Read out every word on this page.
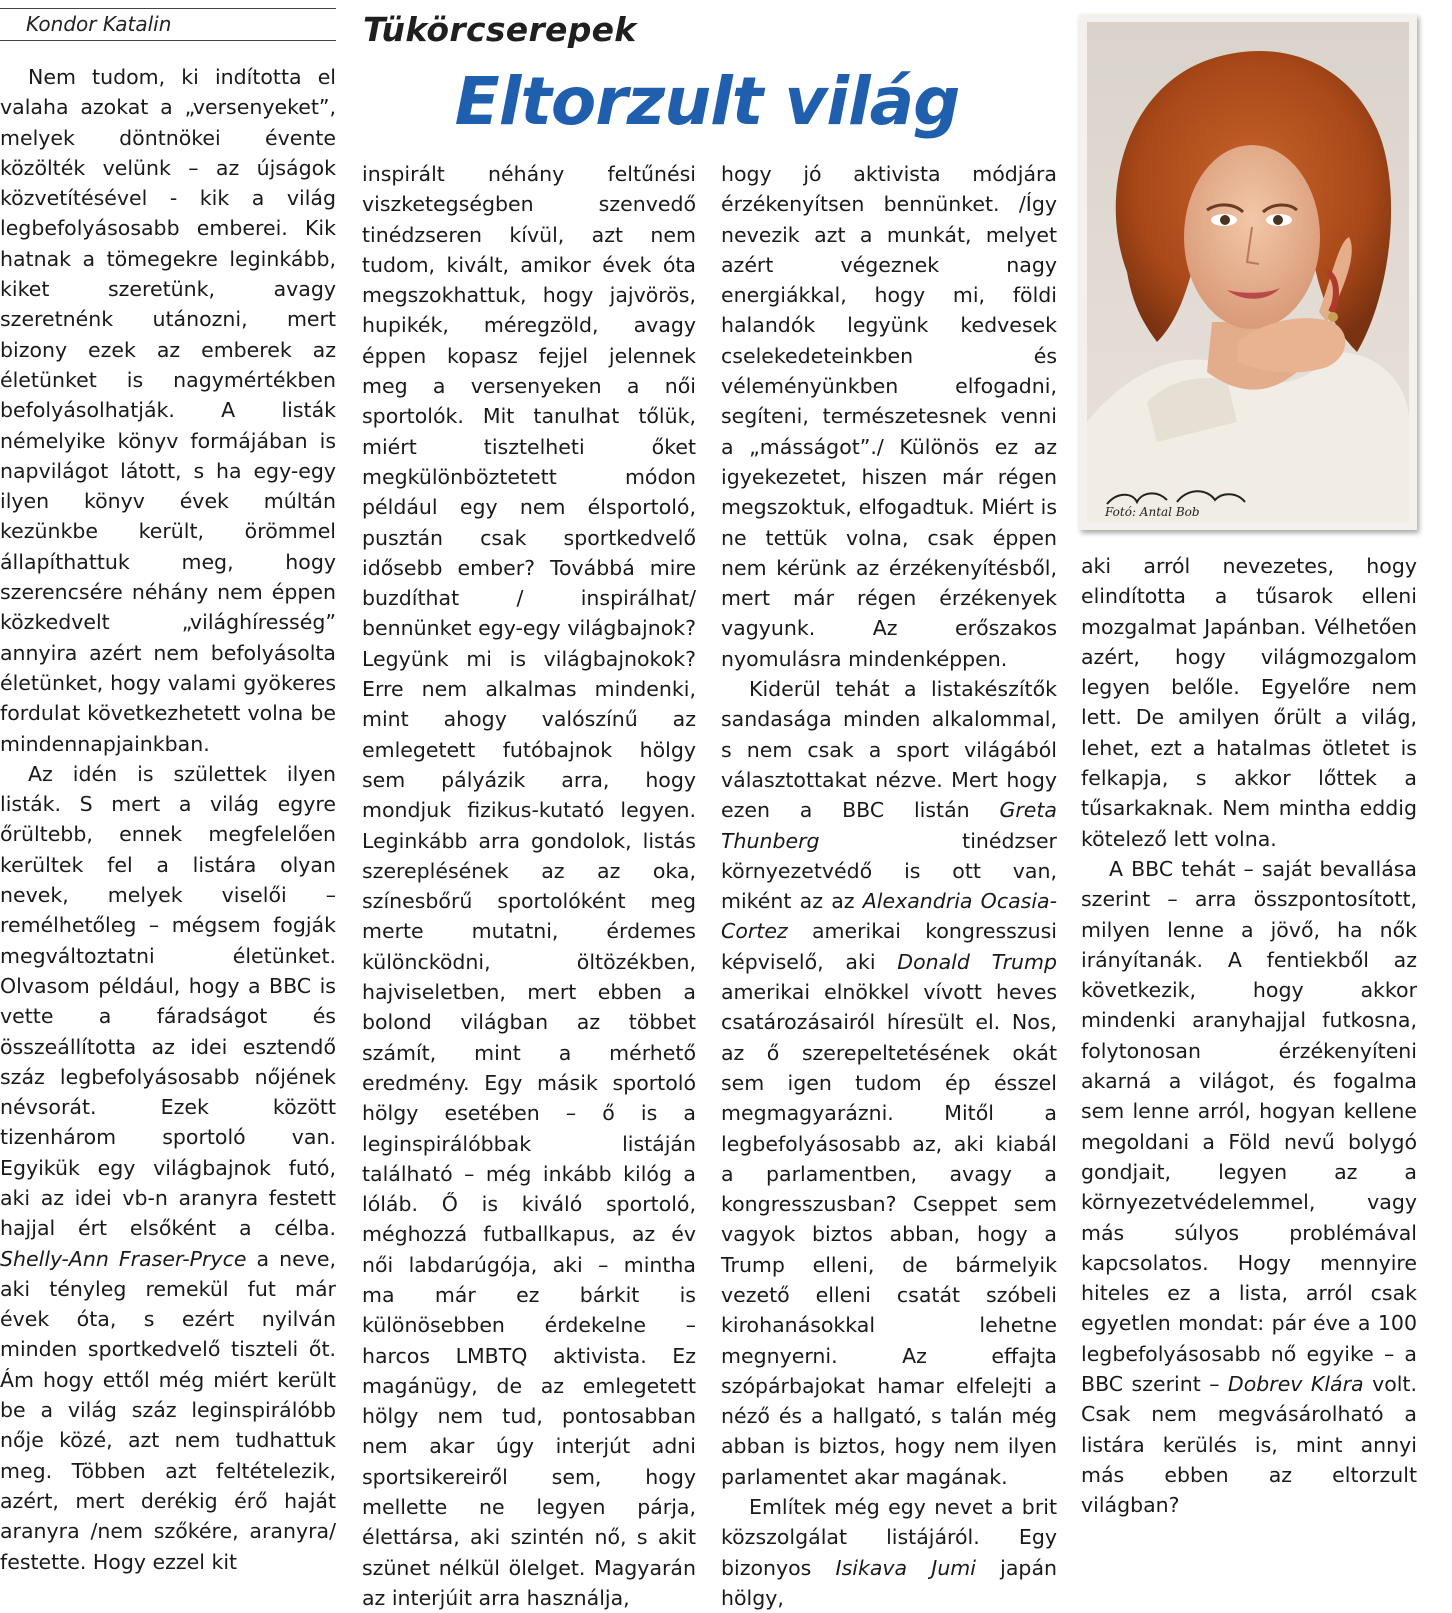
Kondor Katalin	Tükörcserepek
Eltorzult világ
Fotó: Antal Bob

Nem tudom, ki indította el valaha azokat a „versenyeket”, melyek döntnökei évente közölték velünk – az újságok közvetítésével - kik a világ legbefolyásosabb emberei. Kik hatnak a tömegekre leginkább, kiket szeretünk, avagy szeretnénk utánozni, mert bizony ezek az emberek az életünket is nagymértékben befolyásolhatják. A listák némelyike könyv formájában is napvilágot látott, s ha egy-egy ilyen könyv évek múltán kezünkbe került, örömmel állapíthattuk meg, hogy szerencsére néhány nem éppen közkedvelt „világhírességˮ annyira azért nem befolyásolta életünket, hogy valami gyökeres fordulat következhetett volna be mindennapjainkban.

Az idén is születtek ilyen listák. S mert a világ egyre őrültebb, ennek megfelelően kerültek fel a listára olyan nevek, melyek viselői – remélhetőleg – mégsem fogják megváltoztatni életünket. Olvasom például, hogy a BBC is vette a fáradságot és összeállította az idei esztendő száz legbefolyásosabb nőjének névsorát. Ezek között tizenhárom sportoló van. Egyikük egy világbajnok futó, aki az idei vb-n aranyra festett hajjal ért elsőként a célba. Shelly-Ann Fraser-Pryce a neve, aki tényleg remekül fut már évek óta, s ezért nyilván minden sportkedvelő tiszteli őt. Ám hogy ettől még miért került be a világ száz leginspirálóbb nője közé, azt nem tudhattuk meg. Többen azt feltételezik, azért, mert derékig érő haját aranyra /nem szőkére, aranyra/ festette. Hogy ezzel kit

inspirált néhány feltűnési viszketegségben szenvedő tinédzseren kívül, azt nem tudom, kivált, amikor évek óta megszokhattuk, hogy jajvörös, hupikék, méregzöld, avagy éppen kopasz fejjel jelennek meg a versenyeken a női sportolók. Mit tanulhat tőlük, miért tisztelheti őket megkülönböztetett módon például egy nem élsportoló, pusztán csak sportkedvelő idősebb ember? Továbbá mire buzdíthat / inspirálhat/ bennünket egy-egy világbajnok? Legyünk mi is világbajnokok? Erre nem alkalmas mindenki, mint ahogy valószínű az emlegetett futóbajnok hölgy sem pályázik arra, hogy mondjuk fizikus-kutató legyen. Leginkább arra gondolok, listás szereplésének az az oka, színesbőrű sportolóként meg merte mutatni, érdemes különcködni, öltözékben, hajviseletben, mert ebben a bolond világban az többet számít, mint a mérhető eredmény. Egy másik sportoló hölgy esetében – ő is a leginspirálóbbak listáján található – még inkább kilóg a lóláb. Ő is kiváló sportoló, méghozzá futballkapus, az év női labdarúgója, aki – mintha ma már ez bárkit is különösebben érdekelne – harcos LMBTQ aktivista. Ez magánügy, de az emlegetett hölgy nem tud, pontosabban nem akar úgy interjút adni sportsikereiről sem, hogy mellette ne legyen párja, élettársa, aki szintén nő, s akit szünet nélkül ölelget. Magyarán az interjúit arra használja,

hogy jó aktivista módjára érzékenyítsen bennünket. /Így nevezik azt a munkát, melyet azért végeznek nagy energiákkal, hogy mi, földi halandók legyünk kedvesek cselekedeteinkben és véleményünkben elfogadni, segíteni, természetesnek venni a „másságot”./ Különös ez az igyekezetet, hiszen már régen megszoktuk, elfogadtuk. Miért is ne tettük volna, csak éppen nem kérünk az érzékenyítésből, mert már régen érzékenyek vagyunk. Az erőszakos nyomulásra mindenképpen.

Kiderül tehát a listakészítők sandasága minden alkalommal, s nem csak a sport világából választottakat nézve. Mert hogy ezen a BBC listán Greta Thunberg	tinédzser környezetvédő is ott van, miként az az Alexandria Ocasia-Cortez amerikai kongresszusi képviselő, aki Donald Trump amerikai elnökkel vívott heves csatározásairól híresült el. Nos, az ő szerepeltetésének okát sem igen tudom ép ésszel megmagyarázni. Mitől a legbefolyásosabb az, aki kiabál a parlamentben, avagy a kongresszusban? Cseppet sem vagyok biztos abban, hogy a Trump elleni, de bármelyik vezető elleni csatát szóbeli kirohanásokkal lehetne megnyerni. Az effajta szópárbajokat hamar elfelejti a néző és a hallgató, s talán még abban is biztos, hogy nem ilyen parlamentet akar magának.

Említek még egy nevet a brit közszolgálat listájáról. Egy bizonyos Isikava Jumi japán hölgy,

aki arról nevezetes, hogy elindította a tűsarok elleni mozgalmat Japánban. Vélhetően azért, hogy világmozgalom legyen belőle. Egyelőre nem lett. De amilyen őrült a világ, lehet, ezt a hatalmas ötletet is felkapja, s akkor lőttek a tűsarkaknak. Nem mintha eddig kötelező lett volna.

A BBC tehát – saját bevallása szerint – arra összpontosított, milyen lenne a jövő, ha nők irányítanák. A fentiekből az következik, hogy akkor mindenki aranyhajjal futkosna, folytonosan érzékenyíteni akarná a világot, és fogalma sem lenne arról, hogyan kellene megoldani a Föld nevű bolygó gondjait, legyen az a környezetvédelemmel, vagy más súlyos problémával kapcsolatos. Hogy mennyire hiteles ez a lista, arról csak egyetlen mondat: pár éve a 100 legbefolyásosabb nő egyike – a BBC szerint – Dobrev Klára volt. Csak nem megvásárolható a listára kerülés is, mint annyi más ebben az eltorzult világban?
